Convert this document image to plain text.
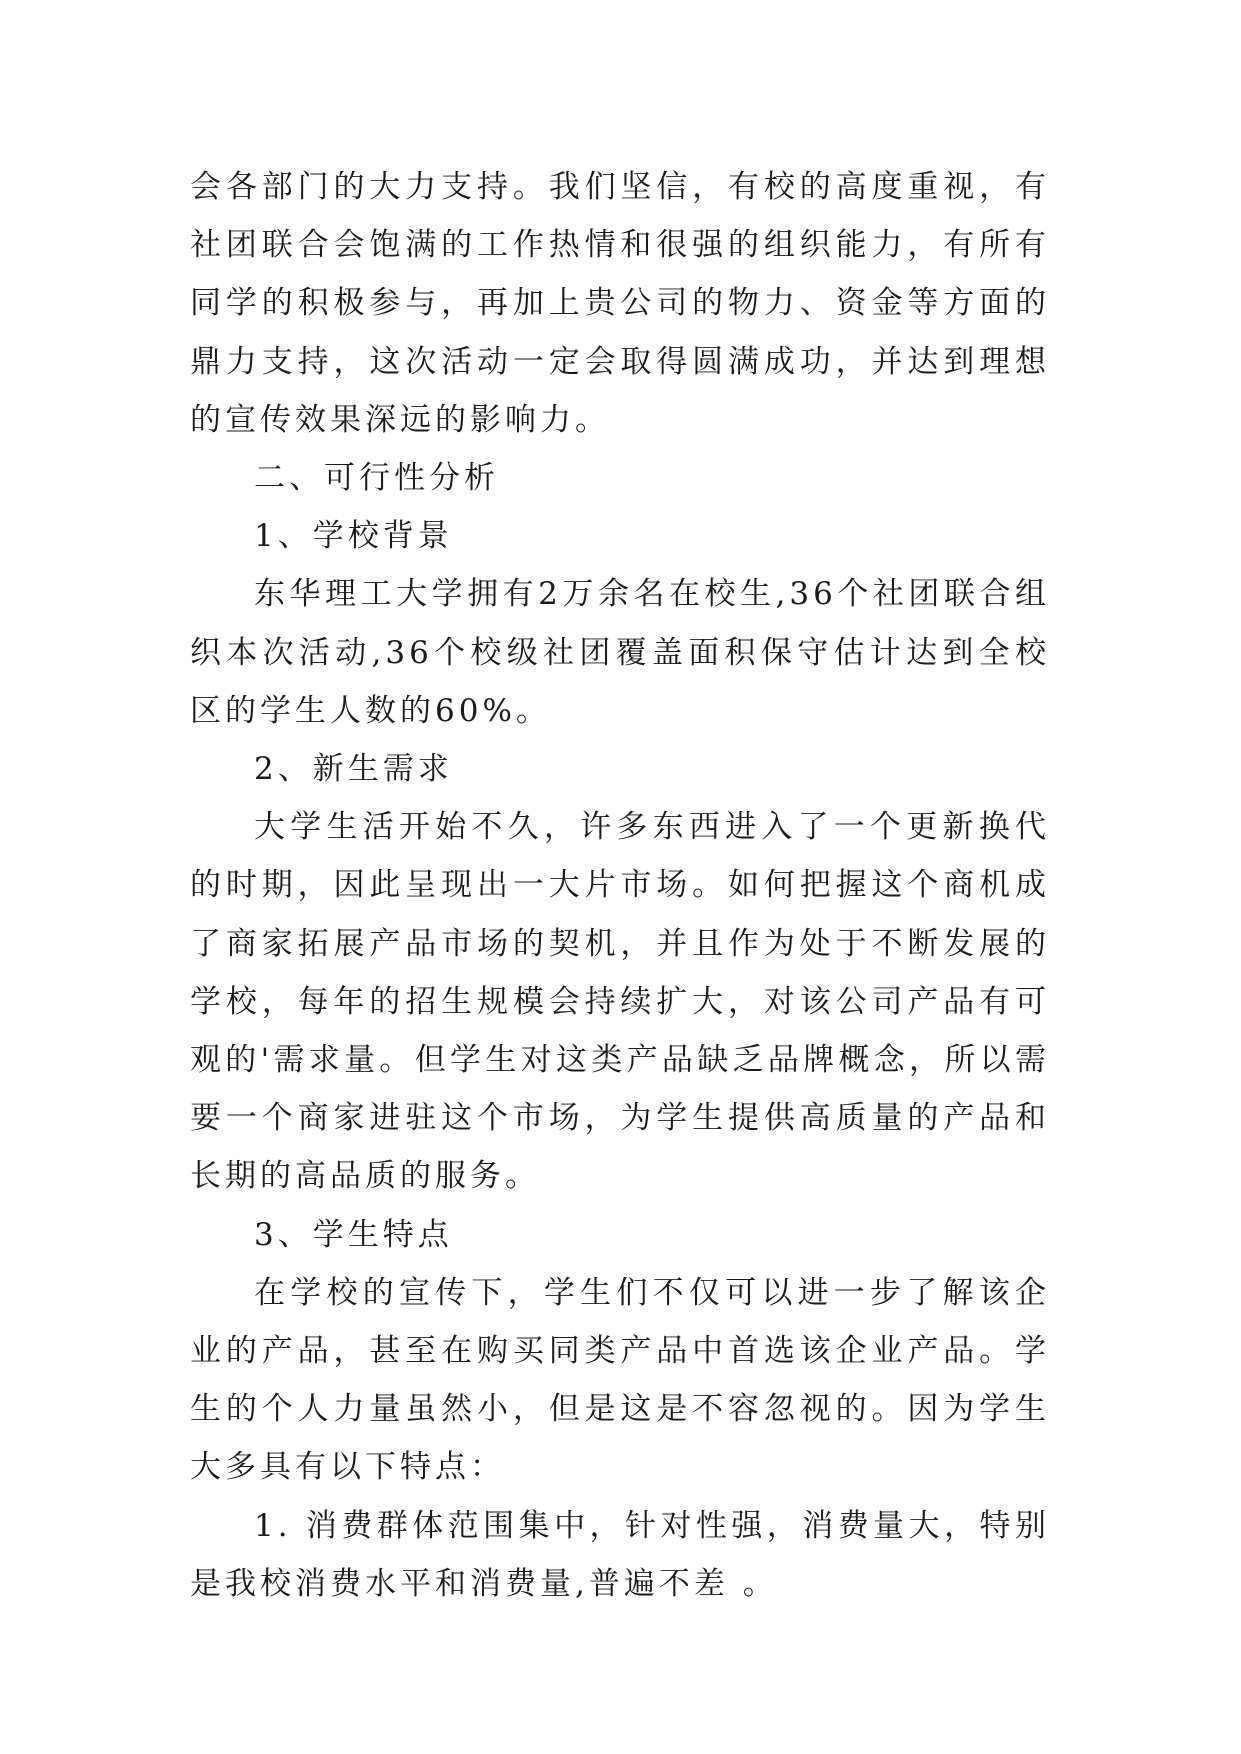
会各部门的大力支持。我们坚信，有校的高度重视，有社团联合会饱满的工作热情和很强的组织能力，有所有同学的积极参与，再加上贵公司的物力、资金等方面的鼎力支持，这次活动一定会取得圆满成功，并达到理想的宣传效果深远的影响力。

二、可行性分析

1、学校背景

东华理工大学拥有2万余名在校生,36个社团联合组织本次活动,36个校级社团覆盖面积保守估计达到全校区的学生人数的60%。

2、新生需求

大学生活开始不久，许多东西进入了一个更新换代的时期，因此呈现出一大片市场。如何把握这个商机成了商家拓展产品市场的契机，并且作为处于不断发展的学校，每年的招生规模会持续扩大，对该公司产品有可观的'需求量。但学生对这类产品缺乏品牌概念，所以需要一个商家进驻这个市场，为学生提供高质量的产品和长期的高品质的服务。

3、学生特点

在学校的宣传下，学生们不仅可以进一步了解该企业的产品，甚至在购买同类产品中首选该企业产品。学生的个人力量虽然小，但是这是不容忽视的。因为学生大多具有以下特点：

1. 消费群体范围集中，针对性强，消费量大，特别是我校消费水平和消费量,普遍不差 。
